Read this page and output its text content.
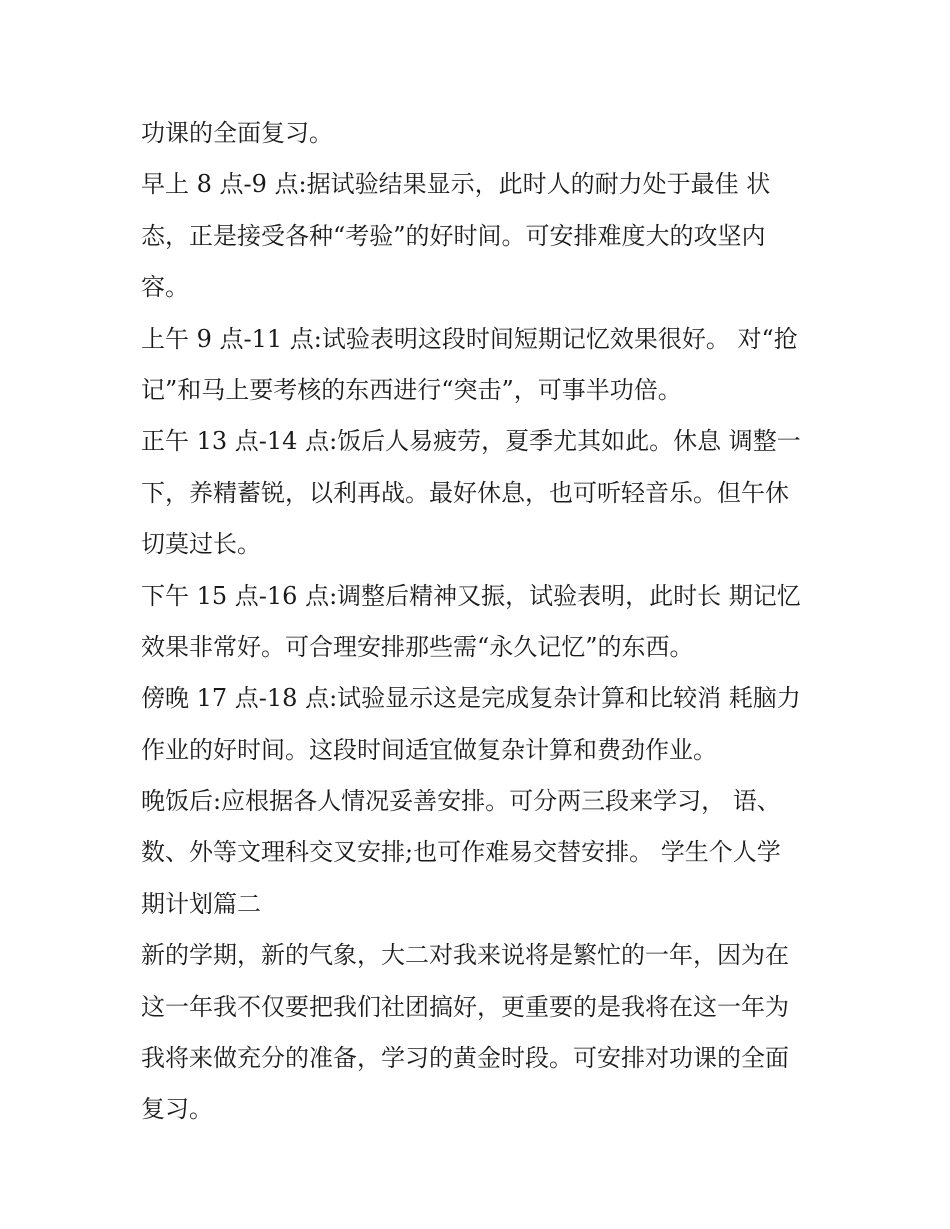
功课的全面复习。
早上 8 点-9 点:据试验结果显示，此时人的耐力处于最佳 状
态，正是接受各种“考验”的好时间。可安排难度大的攻坚内
容。
上午 9 点-11 点:试验表明这段时间短期记忆效果很好。 对“抢
记”和马上要考核的东西进行“突击”，可事半功倍。
正午 13 点-14 点:饭后人易疲劳，夏季尤其如此。休息 调整一
下，养精蓄锐，以利再战。最好休息，也可听轻音乐。但午休
切莫过长。
下午 15 点-16 点:调整后精神又振，试验表明，此时长 期记忆
效果非常好。可合理安排那些需“永久记忆”的东西。
傍晚 17 点-18 点:试验显示这是完成复杂计算和比较消 耗脑力
作业的好时间。这段时间适宜做复杂计算和费劲作业。
晚饭后:应根据各人情况妥善安排。可分两三段来学习， 语、
数、外等文理科交叉安排;也可作难易交替安排。 学生个人学
期计划篇二
新的学期，新的气象，大二对我来说将是繁忙的一年，因为在
这一年我不仅要把我们社团搞好，更重要的是我将在这一年为
我将来做充分的准备，学习的黄金时段。可安排对功课的全面
复习。
